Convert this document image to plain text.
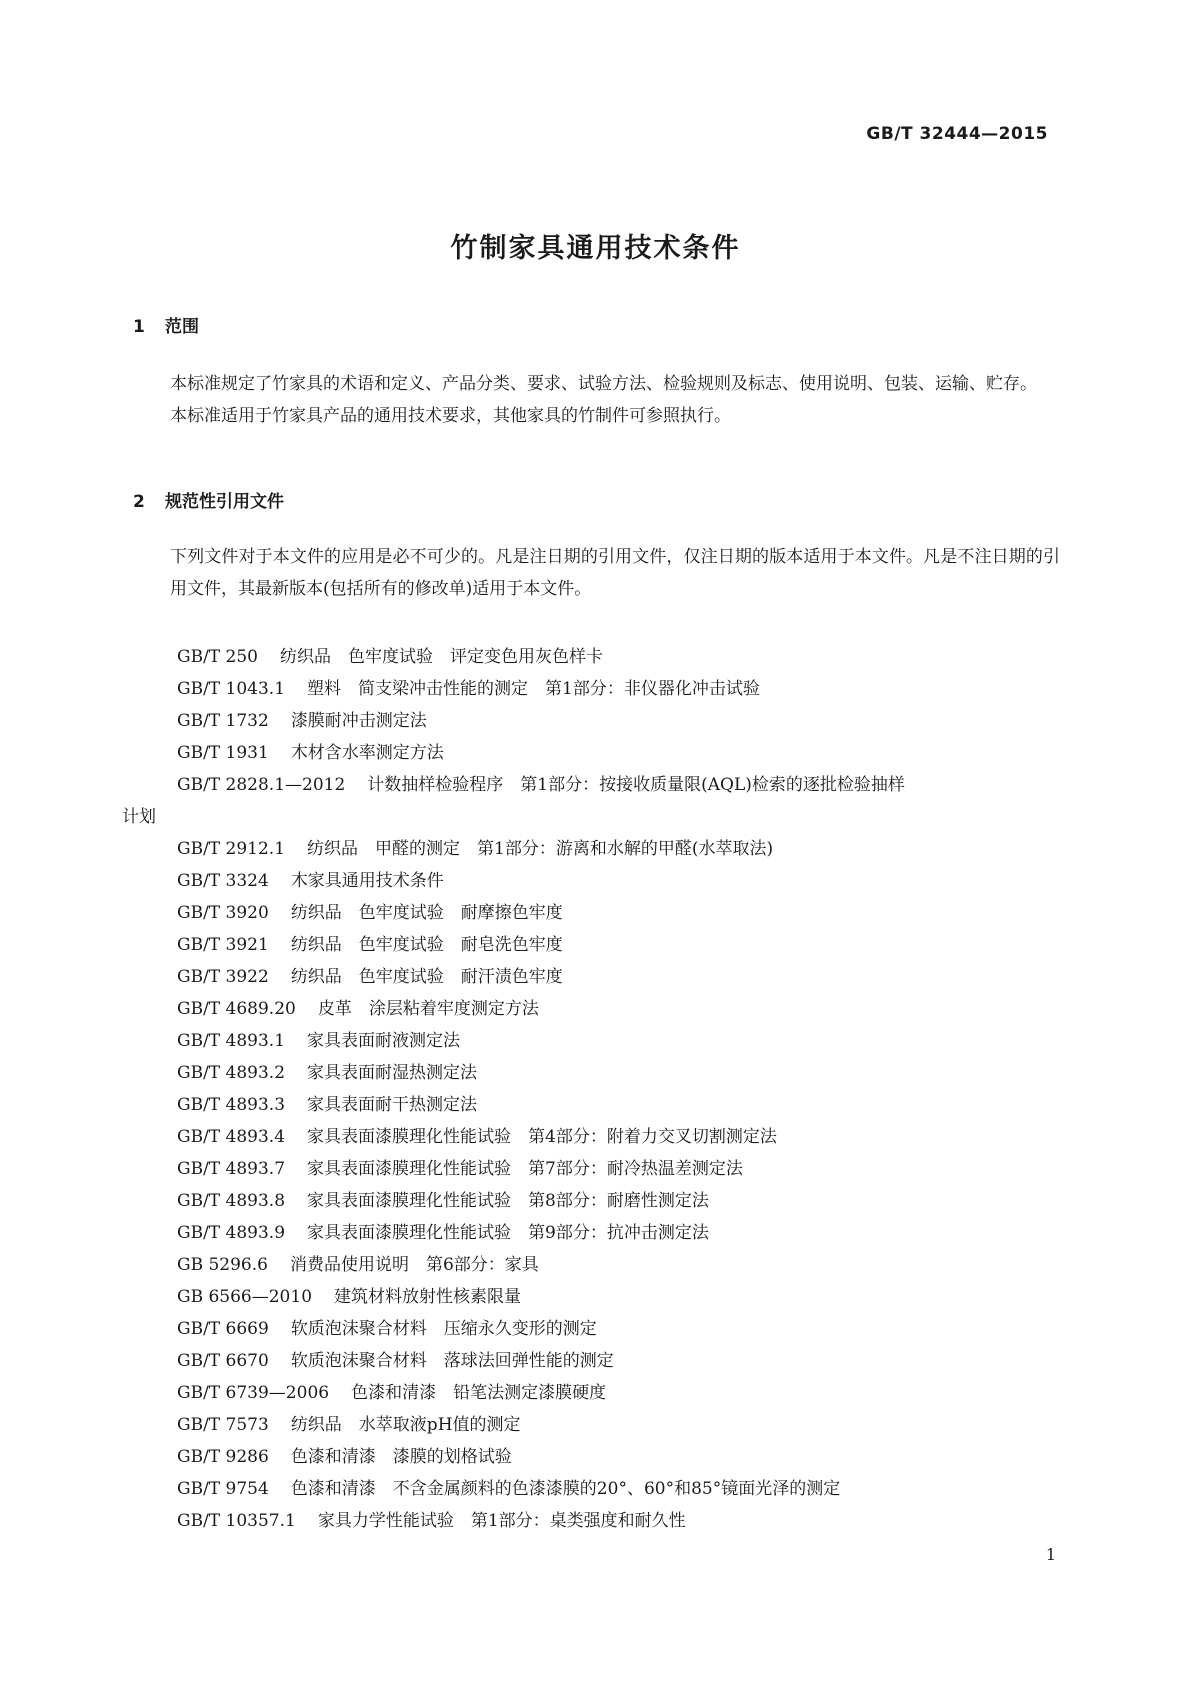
GB/T 32444—2015
竹制家具通用技术条件
1 范围
本标准规定了竹家具的术语和定义、产品分类、要求、试验方法、检验规则及标志、使用说明、包装、运输、贮存。
本标准适用于竹家具产品的通用技术要求，其他家具的竹制件可参照执行。
2 规范性引用文件
下列文件对于本文件的应用是必不可少的。凡是注日期的引用文件，仅注日期的版本适用于本文件。凡是不注日期的引用文件，其最新版本(包括所有的修改单)适用于本文件。
GB/T 250 纺织品　色牢度试验　评定变色用灰色样卡
GB/T 1043.1 塑料　简支梁冲击性能的测定　第1部分：非仪器化冲击试验
GB/T 1732 漆膜耐冲击测定法
GB/T 1931 木材含水率测定方法
GB/T 2828.1—2012 计数抽样检验程序　第1部分：按接收质量限(AQL)检索的逐批检验抽样
计划
GB/T 2912.1 纺织品　甲醛的测定　第1部分：游离和水解的甲醛(水萃取法)
GB/T 3324 木家具通用技术条件
GB/T 3920 纺织品　色牢度试验　耐摩擦色牢度
GB/T 3921 纺织品　色牢度试验　耐皂洗色牢度
GB/T 3922 纺织品　色牢度试验　耐汗渍色牢度
GB/T 4689.20 皮革　涂层粘着牢度测定方法
GB/T 4893.1 家具表面耐液测定法
GB/T 4893.2 家具表面耐湿热测定法
GB/T 4893.3 家具表面耐干热测定法
GB/T 4893.4 家具表面漆膜理化性能试验　第4部分：附着力交叉切割测定法
GB/T 4893.7 家具表面漆膜理化性能试验　第7部分：耐冷热温差测定法
GB/T 4893.8 家具表面漆膜理化性能试验　第8部分：耐磨性测定法
GB/T 4893.9 家具表面漆膜理化性能试验　第9部分：抗冲击测定法
GB 5296.6 消费品使用说明　第6部分：家具
GB 6566—2010 建筑材料放射性核素限量
GB/T 6669 软质泡沫聚合材料　压缩永久变形的测定
GB/T 6670 软质泡沫聚合材料　落球法回弹性能的测定
GB/T 6739—2006 色漆和清漆　铅笔法测定漆膜硬度
GB/T 7573 纺织品　水萃取液pH值的测定
GB/T 9286 色漆和清漆　漆膜的划格试验
GB/T 9754 色漆和清漆　不含金属颜料的色漆漆膜的20°、60°和85°镜面光泽的测定
GB/T 10357.1 家具力学性能试验　第1部分：桌类强度和耐久性
1
